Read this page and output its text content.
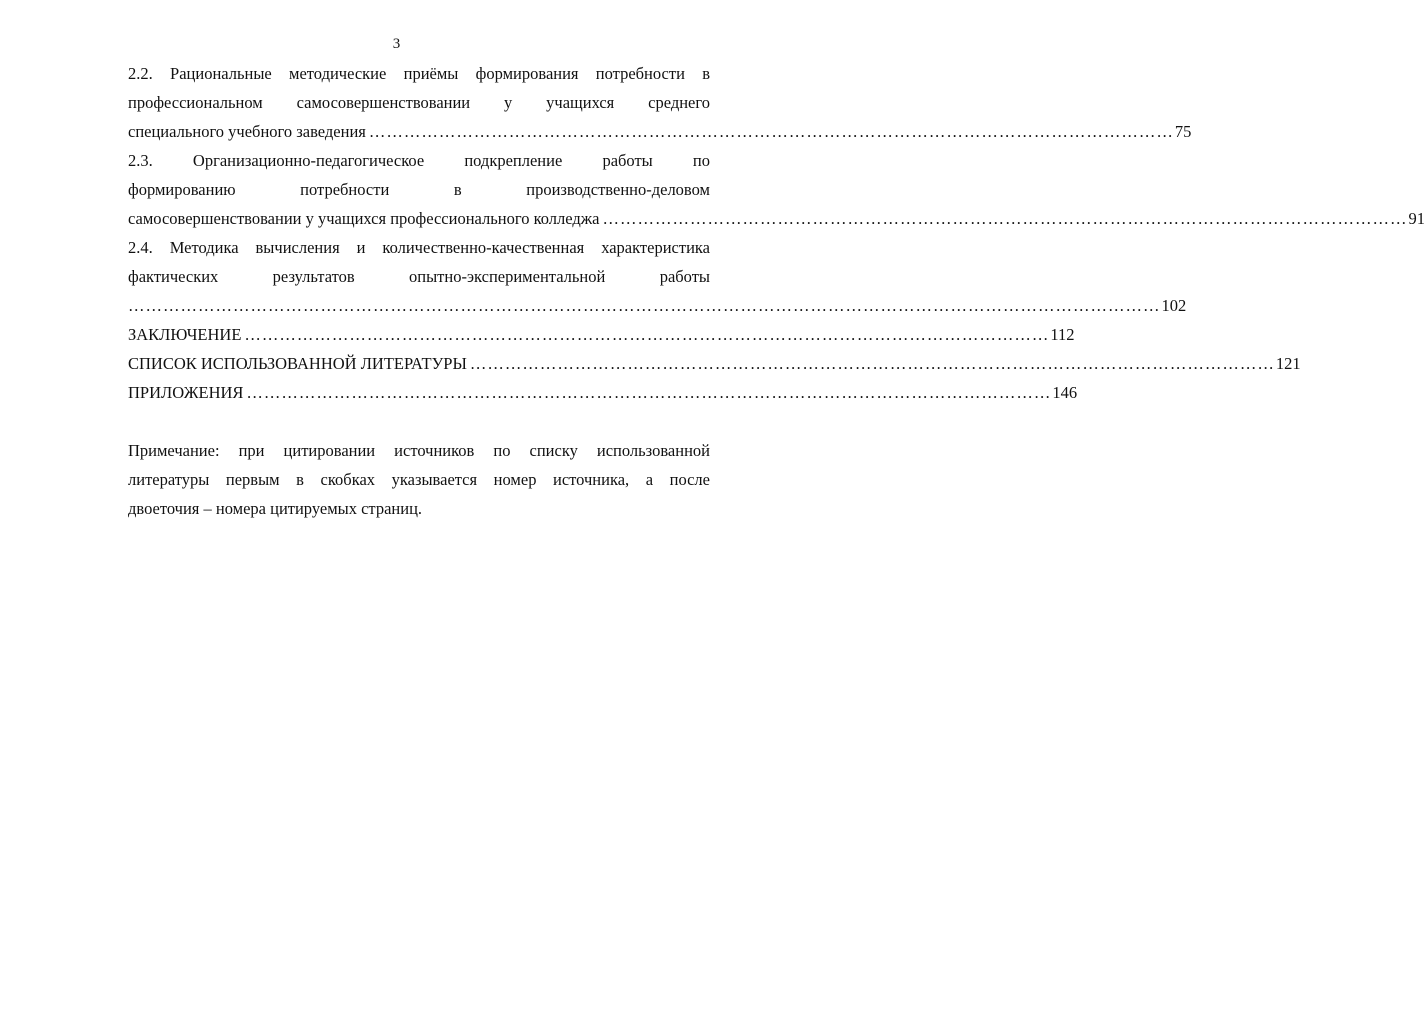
3
2.2. Рациональные методические приёмы формирования потребности в
профессиональном самосовершенствовании у учащихся среднего
специального учебного заведения ………………………………………………………………………………………………………………………… 75
2.3. Организационно-педагогическое подкрепление работы по
формированию потребности в производственно-деловом
самосовершенствовании у учащихся профессионального колледжа ………………………………………………………………………………………………………………………… 91
2.4. Методика вычисления и количественно-качественная характеристика
фактических результатов опытно-экспериментальной работы
…………………………………………………………………………………………………………………………………………………………… 102
ЗАКЛЮЧЕНИЕ ………………………………………………………………………………………………………………………… 112
СПИСОК ИСПОЛЬЗОВАННОЙ ЛИТЕРАТУРЫ ………………………………………………………………………………………………………………………… 121
ПРИЛОЖЕНИЯ ………………………………………………………………………………………………………………………… 146
Примечание: при цитировании источников по списку использованной
литературы первым в скобках указывается номер источника, а после
двоеточия – номера цитируемых страниц.
